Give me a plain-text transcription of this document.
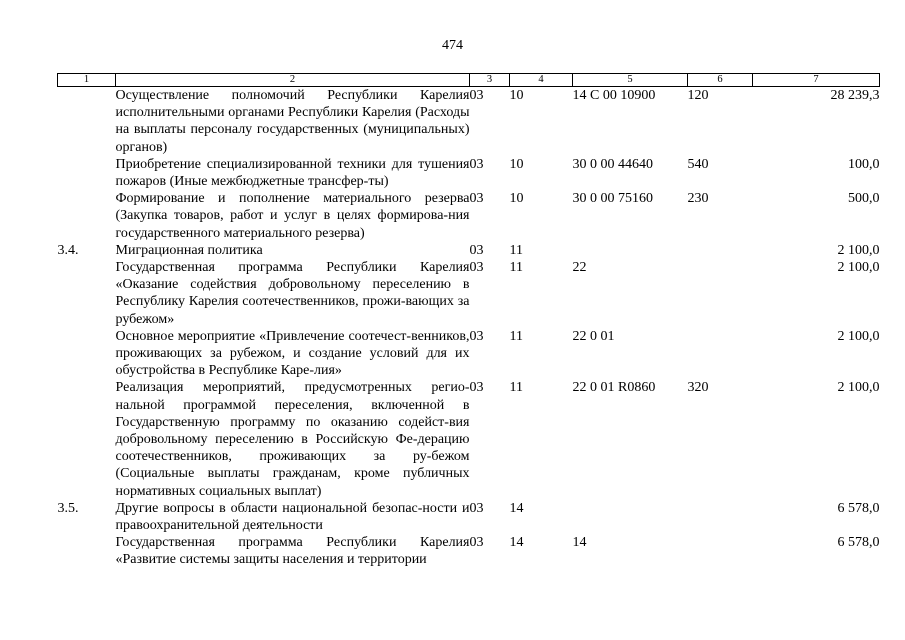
474
1	2	3	4	5	6	7
	Осуществление полномочий Республики Карелия исполнительными органами Республики Карелия (Расходы на выплаты персоналу государственных (муниципальных) органов)	03	10	14 С 00 10900	120	28 239,3
	Приобретение специализированной техники для тушения пожаров (Иные межбюджетные трансфер-ты)	03	10	30 0 00 44640	540	100,0
	Формирование и пополнение материального резерва (Закупка товаров, работ и услуг в целях формирова-ния государственного материального резерва)	03	10	30 0 00 75160	230	500,0
3.4.	Миграционная политика	03	11			2 100,0
	Государственная программа Республики Карелия «Оказание содействия добровольному переселению в Республику Карелия соотечественников, прожи-вающих за рубежом»	03	11	22		2 100,0
	Основное мероприятие «Привлечение соотечест-венников, проживающих за рубежом, и создание условий для их обустройства в Республике Каре-лия»	03	11	22 0 01		2 100,0
	Реализация мероприятий, предусмотренных регио-нальной программой переселения, включенной в Государственную программу по оказанию содейст-вия добровольному переселению в Российскую Фе-дерацию соотечественников, проживающих за ру-бежом (Социальные выплаты гражданам, кроме публичных нормативных социальных выплат)	03	11	22 0 01 R0860	320	2 100,0
3.5.	Другие вопросы в области национальной безопас-ности и правоохранительной деятельности	03	14			6 578,0
	Государственная программа Республики Карелия «Развитие системы защиты населения и территории	03	14	14		6 578,0
